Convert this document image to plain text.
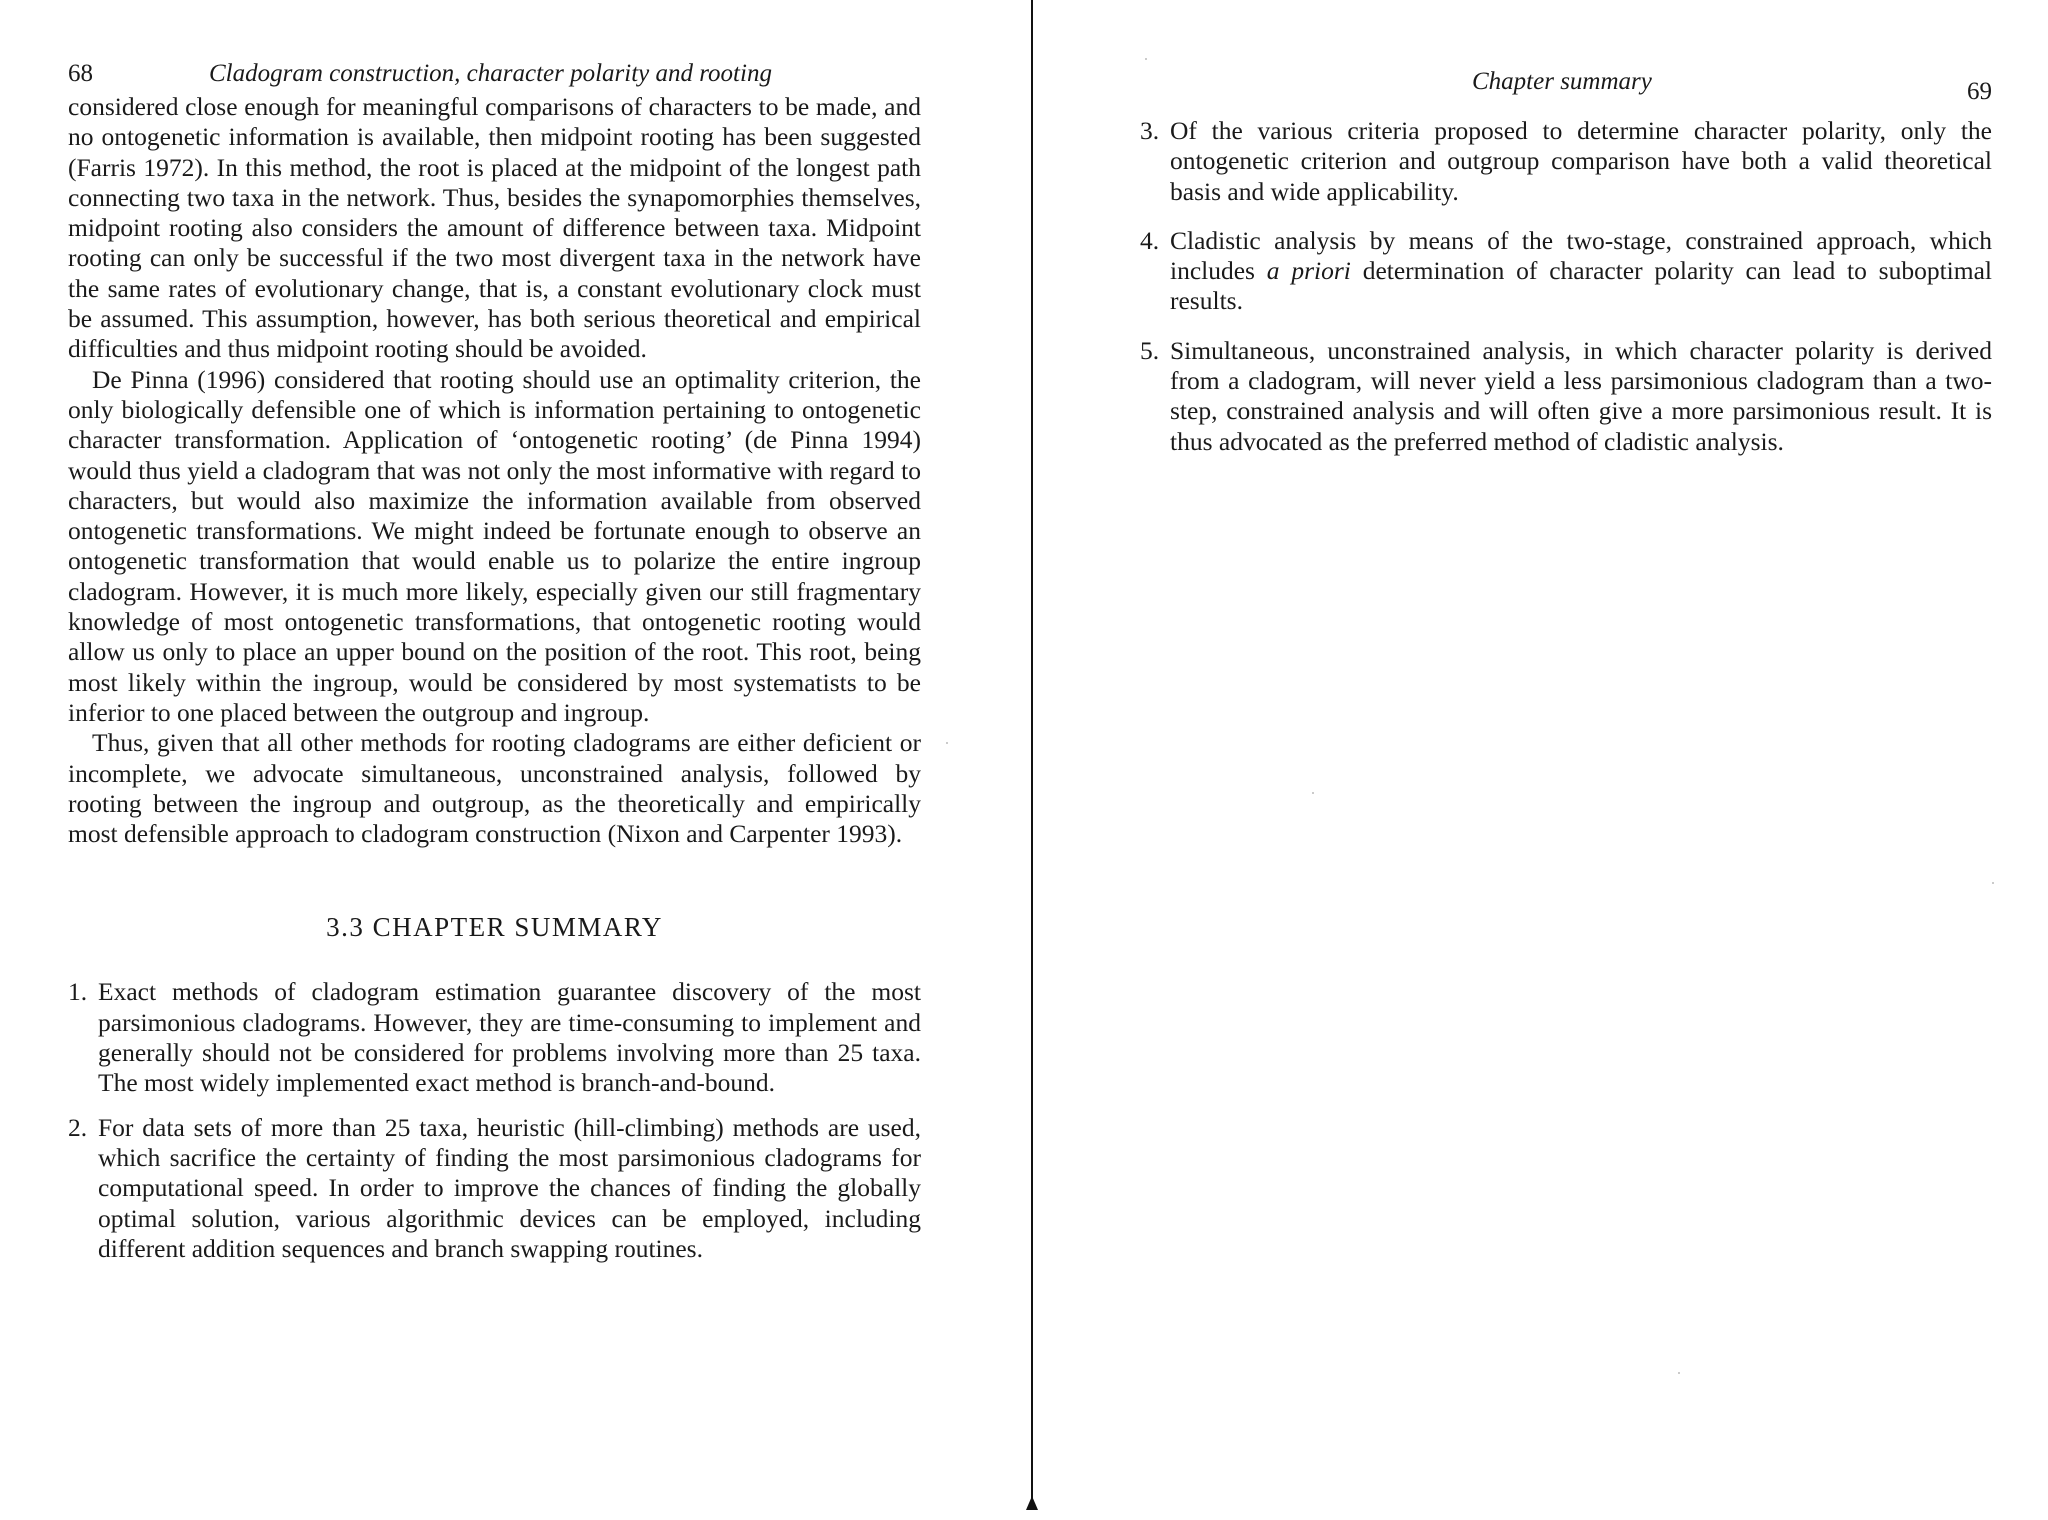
68	Cladogram construction, character polarity and rooting

considered close enough for meaningful comparisons of characters to be made, and no ontogenetic information is available, then midpoint rooting has been suggested (Farris 1972). In this method, the root is placed at the midpoint of the longest path connecting two taxa in the network. Thus, besides the synapomorphies themselves, midpoint rooting also considers the amount of difference between taxa. Midpoint rooting can only be successful if the two most divergent taxa in the network have the same rates of evolutionary change, that is, a constant evolutionary clock must be assumed. This assumption, however, has both serious theoretical and empirical difficulties and thus midpoint rooting should be avoided.

De Pinna (1996) considered that rooting should use an optimality criterion, the only biologically defensible one of which is information pertaining to ontogenetic character transformation. Application of ‘ontogenetic rooting’ (de Pinna 1994) would thus yield a cladogram that was not only the most informative with regard to characters, but would also maximize the information available from observed ontogenetic transformations. We might indeed be fortunate enough to observe an ontogenetic transformation that would enable us to polarize the entire ingroup cladogram. However, it is much more likely, especially given our still fragmentary knowledge of most ontogenetic transformations, that ontogenetic rooting would allow us only to place an upper bound on the position of the root. This root, being most likely within the ingroup, would be considered by most systematists to be inferior to one placed between the outgroup and ingroup.

Thus, given that all other methods for rooting cladograms are either deficient or incomplete, we advocate simultaneous, unconstrained analysis, followed by rooting between the ingroup and outgroup, as the theoretically and empirically most defensible approach to cladogram construction (Nixon and Carpenter 1993).

3.3 CHAPTER SUMMARY
1. Exact methods of cladogram estimation guarantee discovery of the most parsimonious cladograms. However, they are time-consuming to implement and generally should not be considered for problems involving more than 25 taxa. The most widely implemented exact method is branch-and-bound.
2. For data sets of more than 25 taxa, heuristic (hill-climbing) methods are used, which sacrifice the certainty of finding the most parsimonious cladograms for computational speed. In order to improve the chances of finding the globally optimal solution, various algorithmic devices can be employed, including different addition sequences and branch swapping routines.
Chapter summary	69
3. Of the various criteria proposed to determine character polarity, only the ontogenetic criterion and outgroup comparison have both a valid theoretical basis and wide applicability.
4. Cladistic analysis by means of the two-stage, constrained approach, which includes a priori determination of character polarity can lead to suboptimal results.
5. Simultaneous, unconstrained analysis, in which character polarity is derived from a cladogram, will never yield a less parsimonious cladogram than a two-step, constrained analysis and will often give a more parsimonious result. It is thus advocated as the preferred method of cladistic analysis.
